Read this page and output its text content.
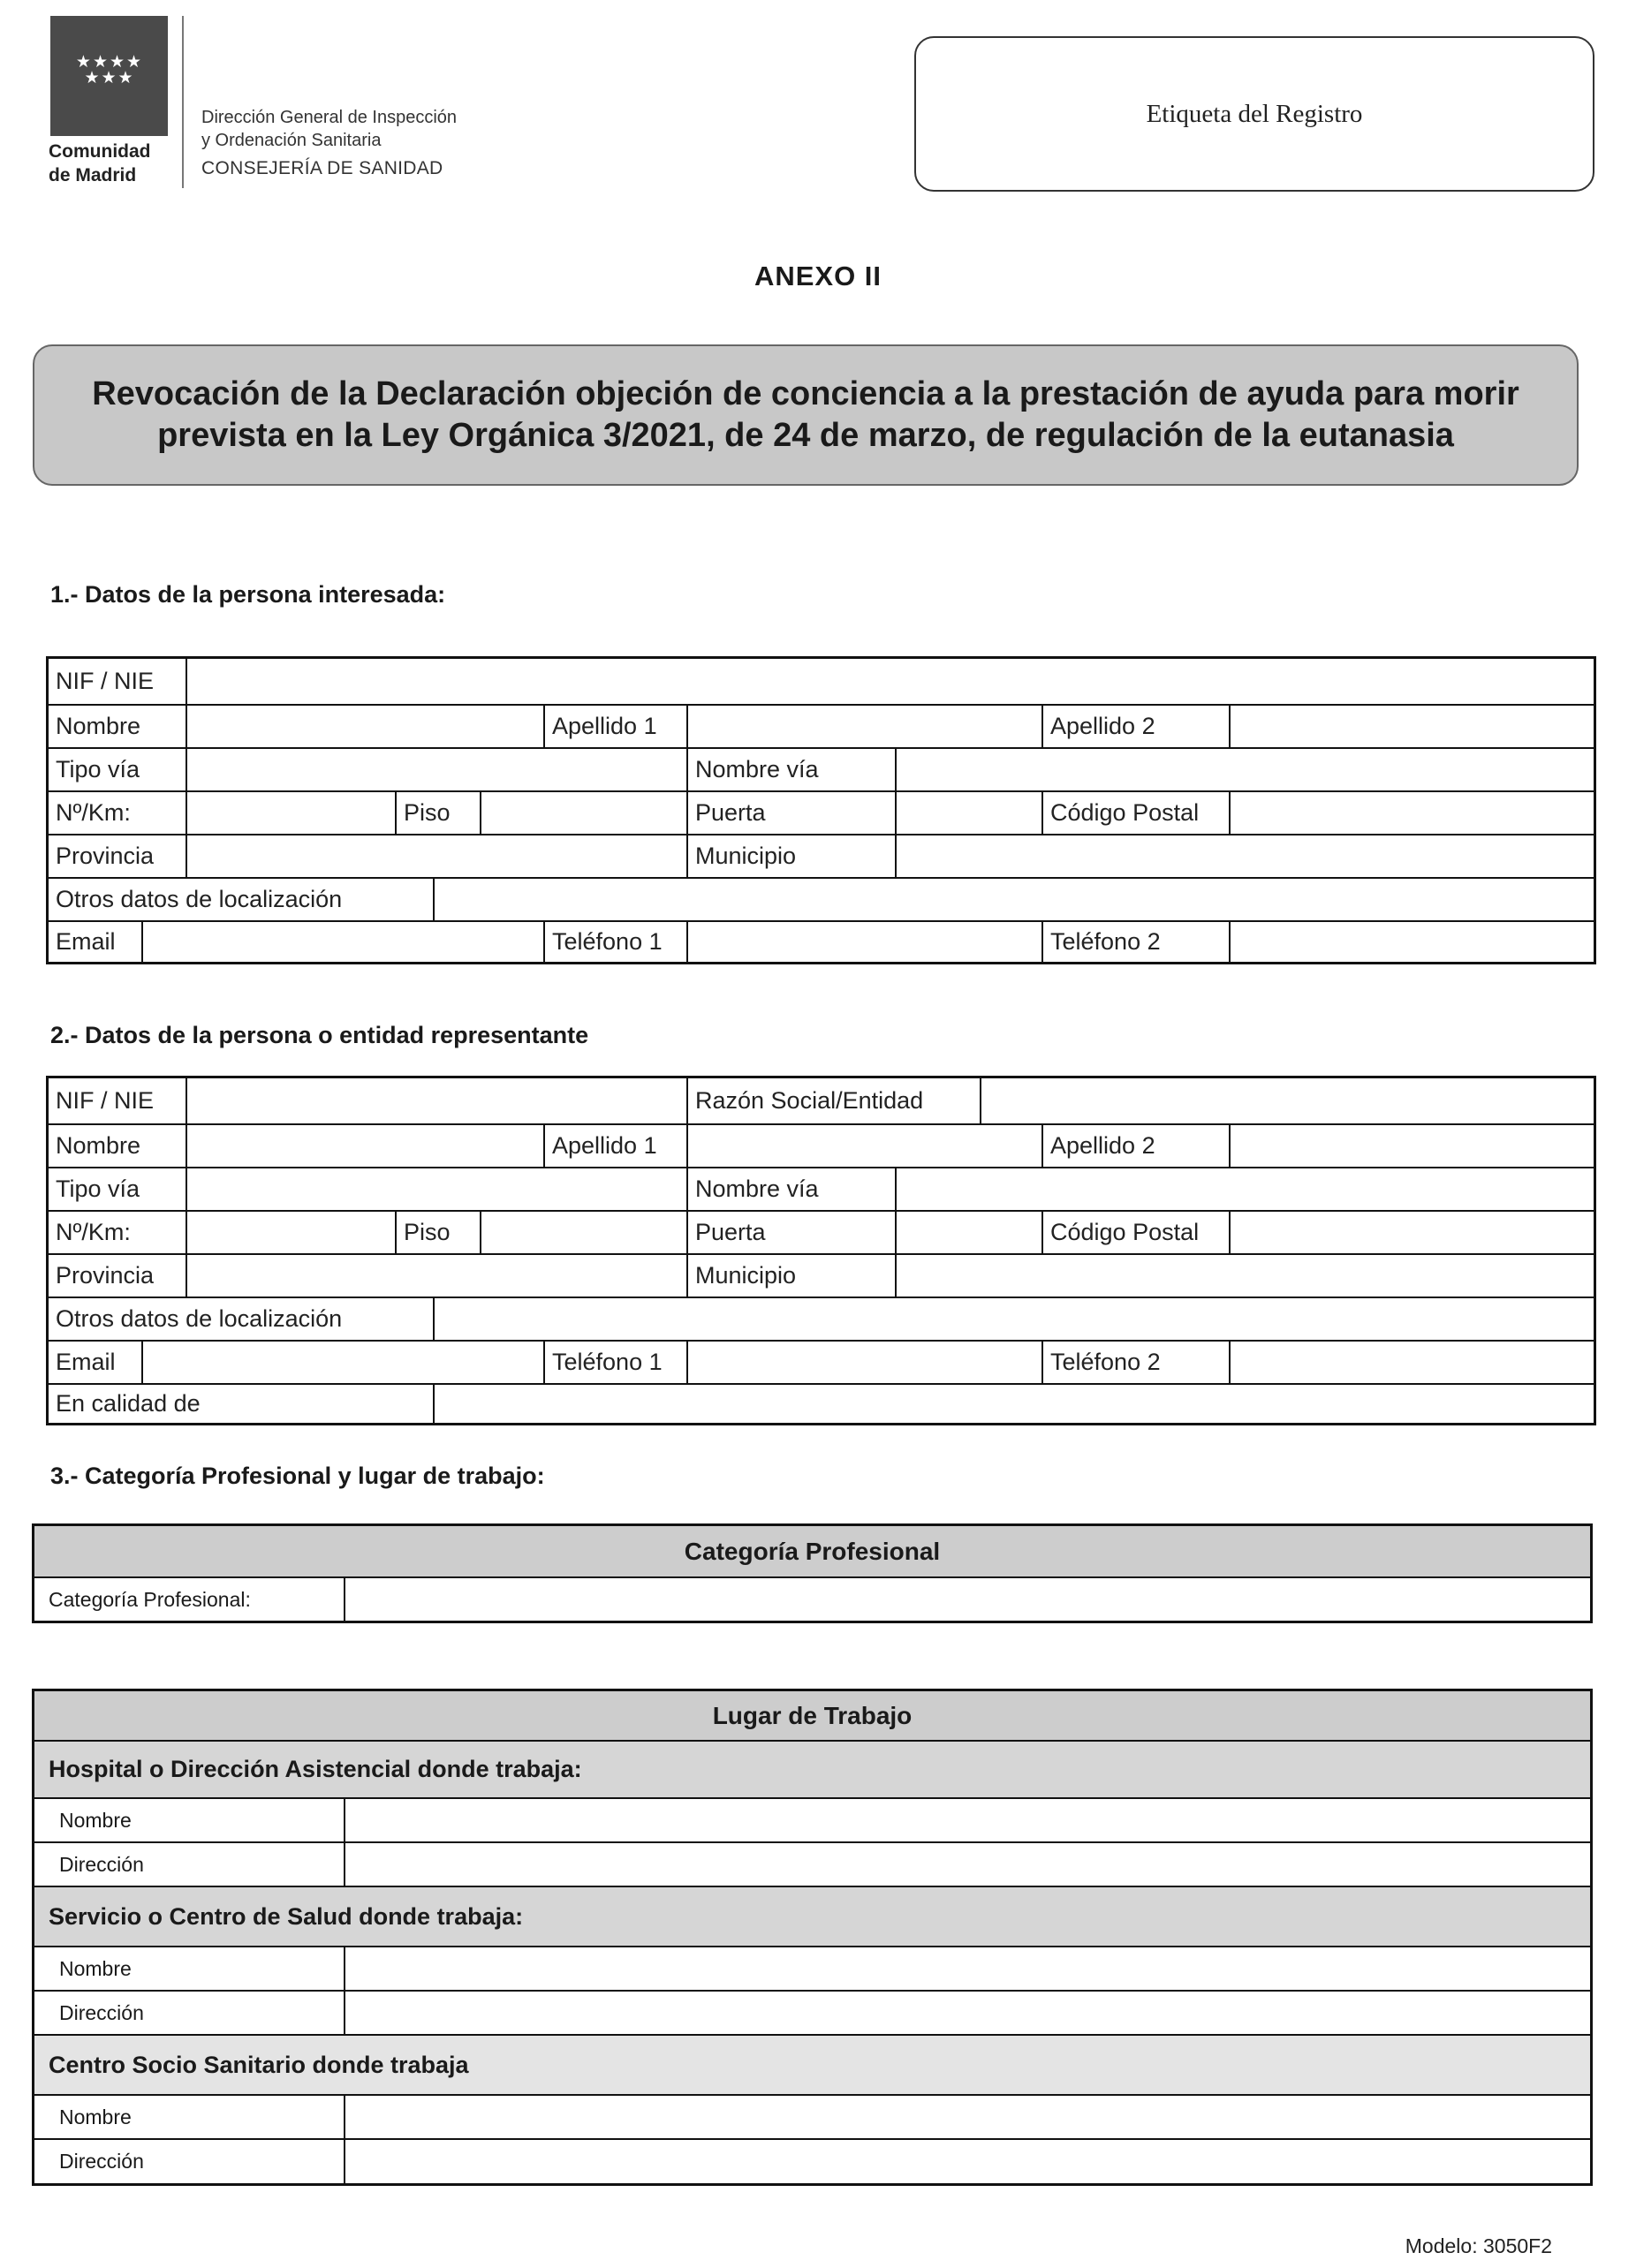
★★★★
★★★
Comunidad
de Madrid
Dirección General de Inspección
y Ordenación Sanitaria
CONSEJERÍA DE SANIDAD
Etiqueta del Registro
ANEXO II
Revocación de la Declaración objeción de conciencia a la prestación de ayuda para morir prevista en la Ley Orgánica 3/2021, de 24 de marzo, de regulación de la eutanasia
1.- Datos de la persona interesada:
NIF / NIE
Nombre	Apellido 1	Apellido 2
Tipo vía	Nombre vía
Nº/Km:	Piso	Puerta	Código Postal
Provincia	Municipio
Otros datos de localización
Email	Teléfono 1	Teléfono 2
2.- Datos de la persona o entidad representante
NIF / NIE	Razón Social/Entidad
Nombre	Apellido 1	Apellido 2
Tipo vía	Nombre vía
Nº/Km:	Piso	Puerta	Código Postal
Provincia	Municipio
Otros datos de localización
Email	Teléfono 1	Teléfono 2
En calidad de
3.- Categoría Profesional y lugar de trabajo:
Categoría Profesional
Categoría Profesional:
Lugar de Trabajo
Hospital o Dirección Asistencial donde trabaja:
Nombre
Dirección
Servicio o Centro de Salud donde trabaja:
Nombre
Dirección
Centro Socio Sanitario donde trabaja
Nombre
Dirección
Modelo: 3050F2
